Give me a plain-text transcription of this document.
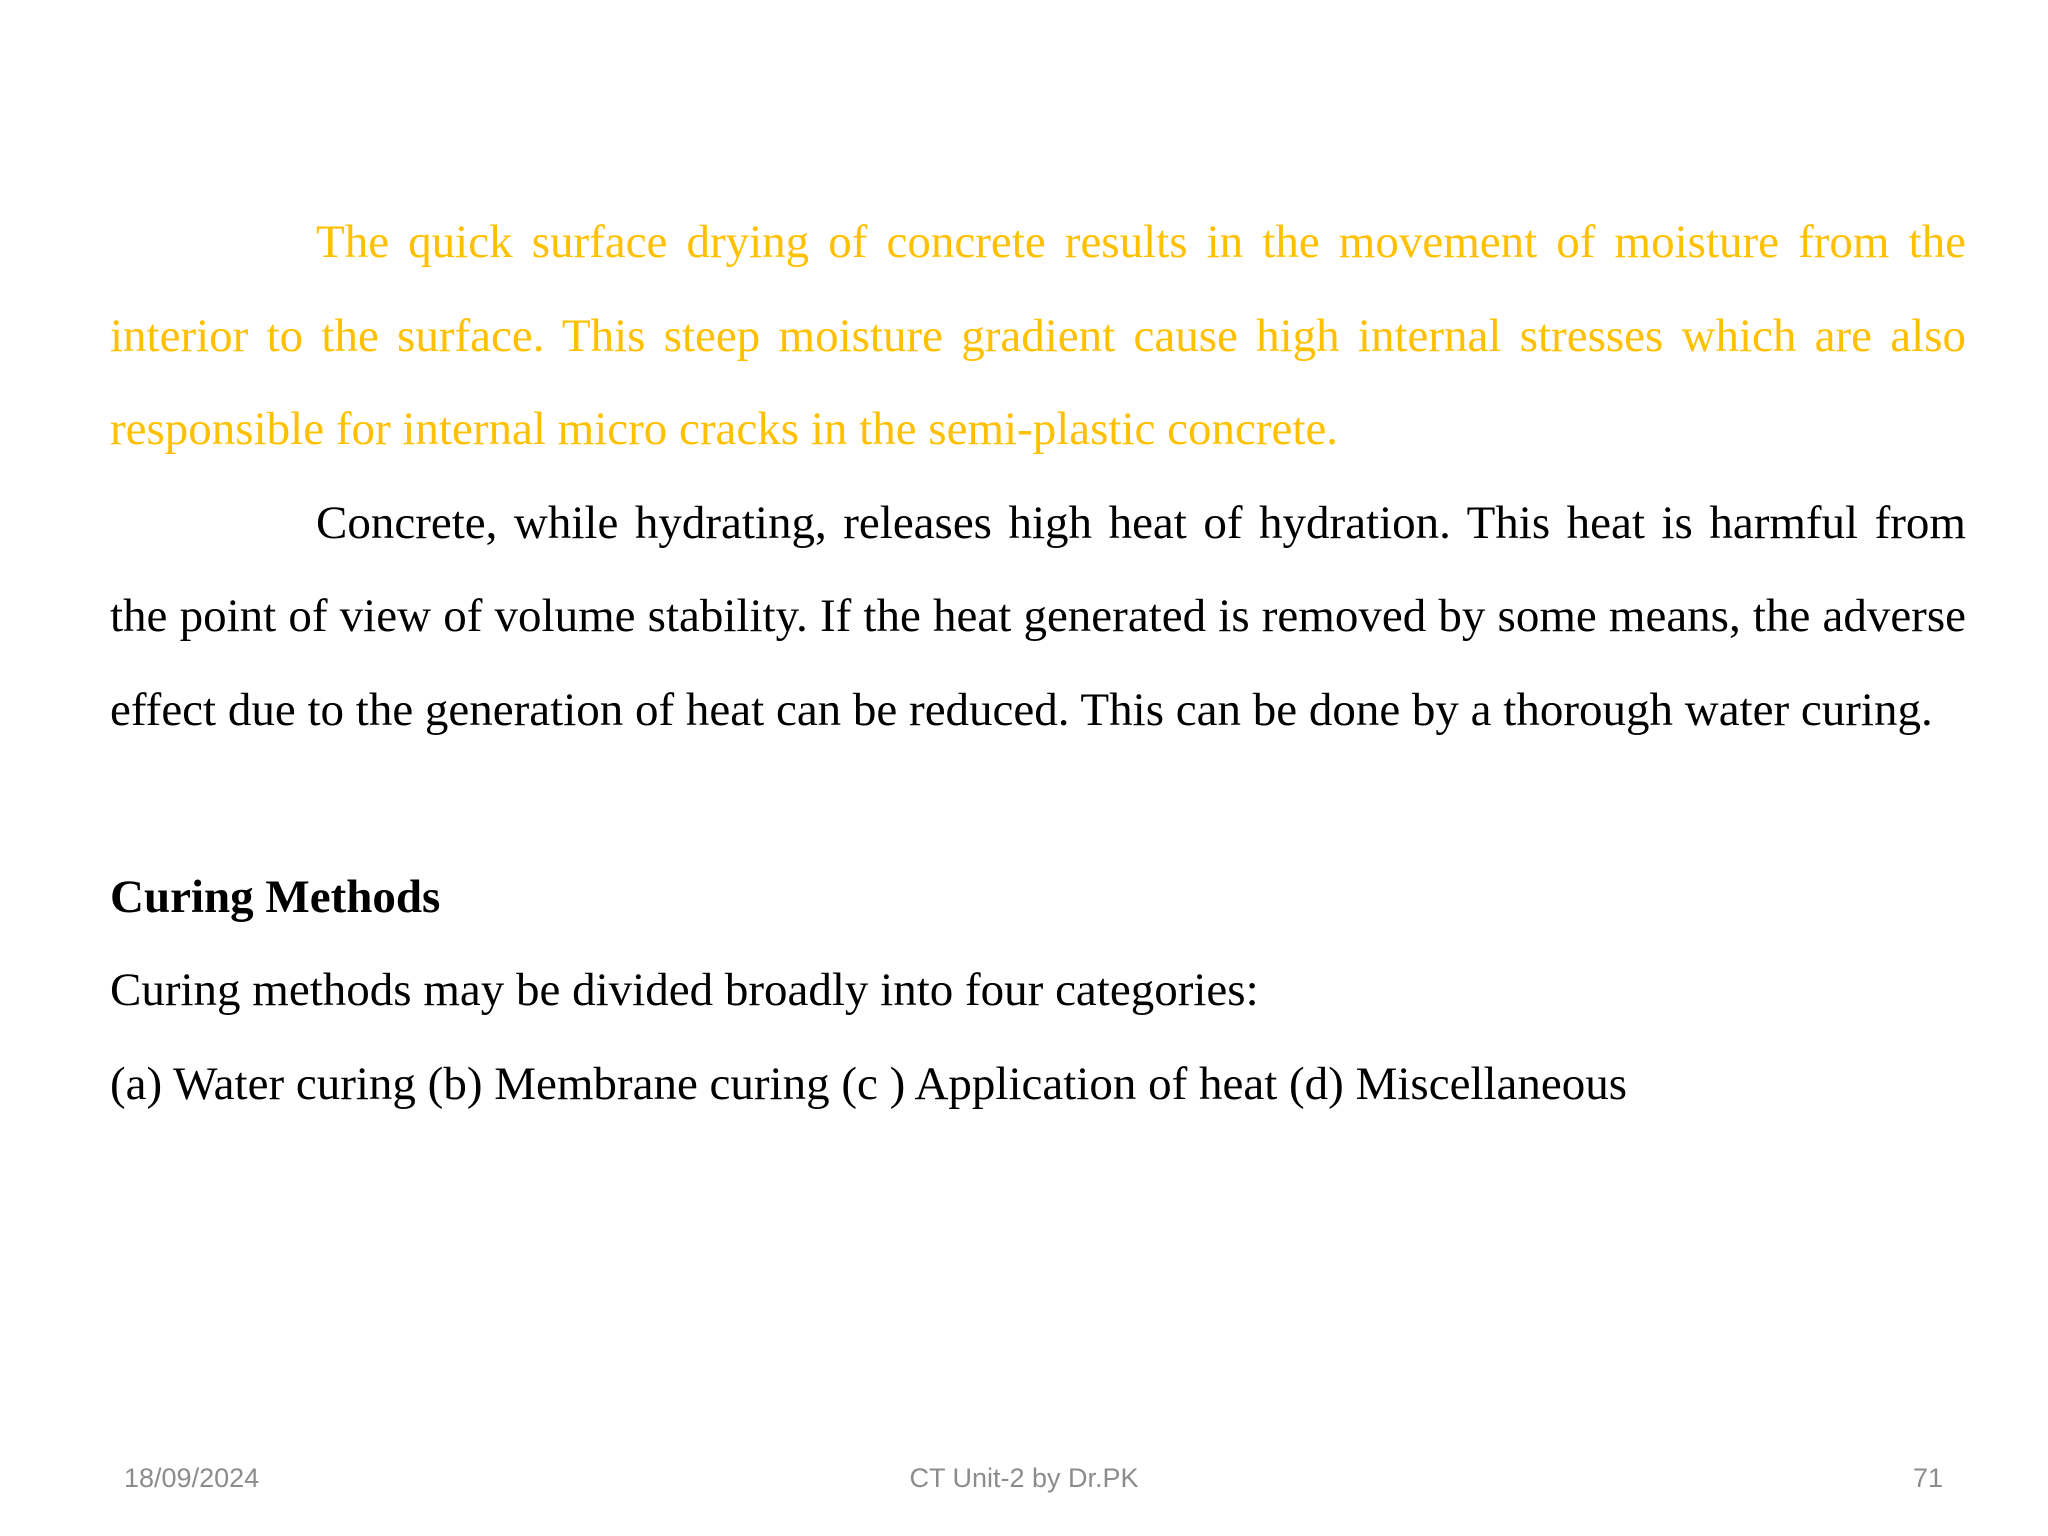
The quick surface drying of concrete results in the movement of moisture from the interior to the surface. This steep moisture gradient cause high internal stresses which are also responsible for internal micro cracks in the semi-plastic concrete.

Concrete, while hydrating, releases high heat of hydration. This heat is harmful from the point of view of volume stability. If the heat generated is removed by some means, the adverse effect due to the generation of heat can be reduced. This can be done by a thorough water curing.

Curing Methods

Curing methods may be divided broadly into four categories:

(a) Water curing (b) Membrane curing (c ) Application of heat (d) Miscellaneous

18/09/2024	CT Unit-2 by Dr.PK	71
